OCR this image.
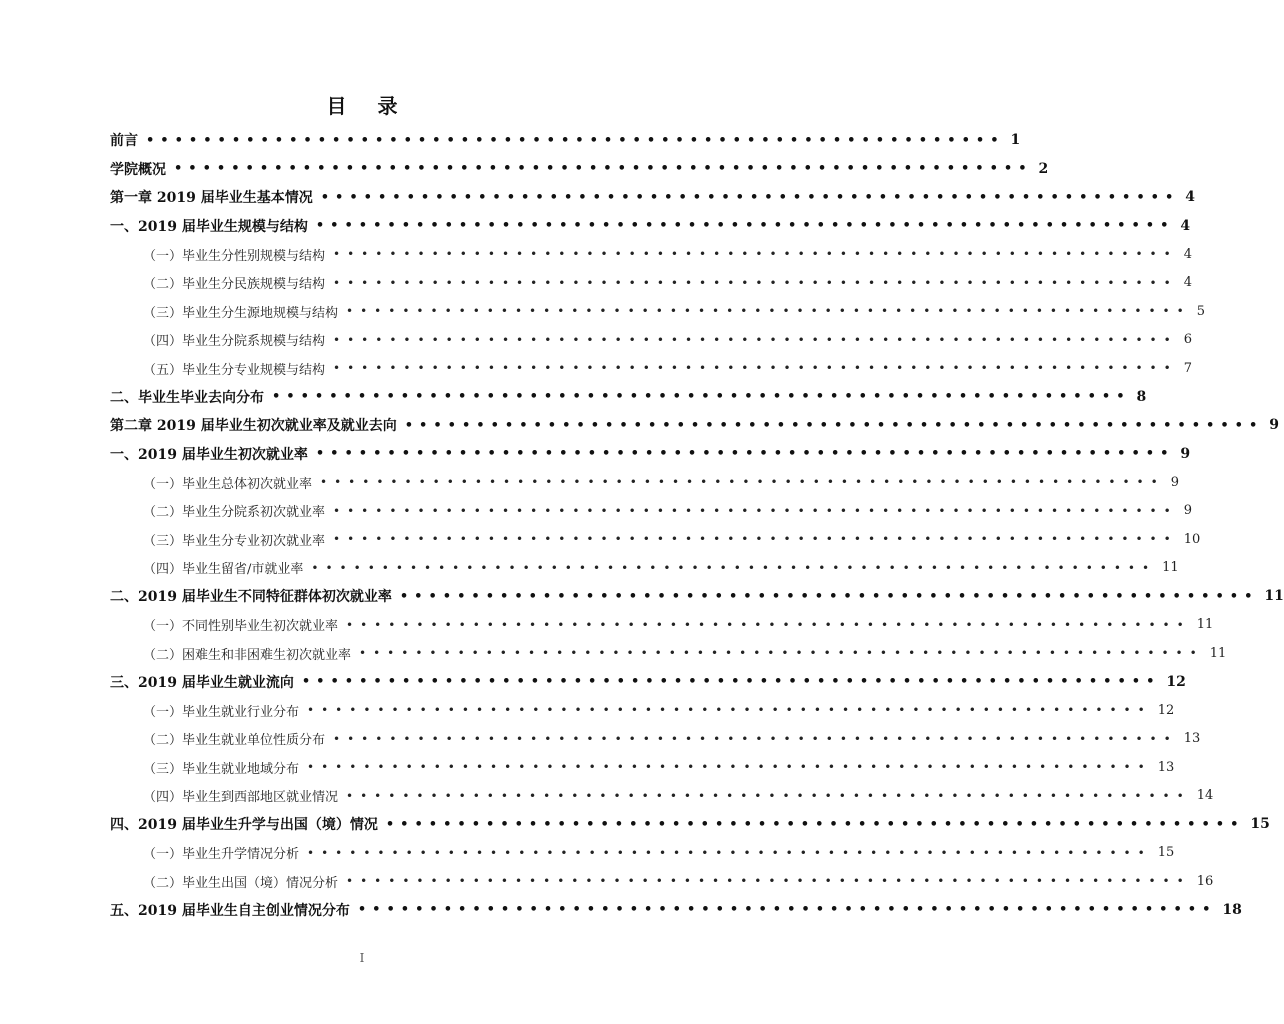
目 录
前言 •••••••••••••••••••••••••••••••••••••••••••••••••••••••••••• 1
学院概况 •••••••••••••••••••••••••••••••••••••••••••••••••••••••••••• 2
第一章 2019 届毕业生基本情况 •••••••••••••••••••••••••••••••••••••••••••••••••••••••••••• 4
一、2019 届毕业生规模与结构 •••••••••••••••••••••••••••••••••••••••••••••••••••••••••••• 4
（一）毕业生分性别规模与结构 •••••••••••••••••••••••••••••••••••••••••••••••••••••••••••• 4
（二）毕业生分民族规模与结构 •••••••••••••••••••••••••••••••••••••••••••••••••••••••••••• 4
（三）毕业生分生源地规模与结构 •••••••••••••••••••••••••••••••••••••••••••••••••••••••••••• 5
（四）毕业生分院系规模与结构 •••••••••••••••••••••••••••••••••••••••••••••••••••••••••••• 6
（五）毕业生分专业规模与结构 •••••••••••••••••••••••••••••••••••••••••••••••••••••••••••• 7
二、毕业生毕业去向分布 •••••••••••••••••••••••••••••••••••••••••••••••••••••••••••• 8
第二章 2019 届毕业生初次就业率及就业去向 •••••••••••••••••••••••••••••••••••••••••••••••••••••••••••• 9
一、2019 届毕业生初次就业率 •••••••••••••••••••••••••••••••••••••••••••••••••••••••••••• 9
（一）毕业生总体初次就业率 •••••••••••••••••••••••••••••••••••••••••••••••••••••••••••• 9
（二）毕业生分院系初次就业率 •••••••••••••••••••••••••••••••••••••••••••••••••••••••••••• 9
（三）毕业生分专业初次就业率 •••••••••••••••••••••••••••••••••••••••••••••••••••••••••••• 10
（四）毕业生留省/市就业率 •••••••••••••••••••••••••••••••••••••••••••••••••••••••••••• 11
二、2019 届毕业生不同特征群体初次就业率 •••••••••••••••••••••••••••••••••••••••••••••••••••••••••••• 11
（一）不同性别毕业生初次就业率 •••••••••••••••••••••••••••••••••••••••••••••••••••••••••••• 11
（二）困难生和非困难生初次就业率 •••••••••••••••••••••••••••••••••••••••••••••••••••••••••••• 11
三、2019 届毕业生就业流向 •••••••••••••••••••••••••••••••••••••••••••••••••••••••••••• 12
（一）毕业生就业行业分布 •••••••••••••••••••••••••••••••••••••••••••••••••••••••••••• 12
（二）毕业生就业单位性质分布 •••••••••••••••••••••••••••••••••••••••••••••••••••••••••••• 13
（三）毕业生就业地域分布 •••••••••••••••••••••••••••••••••••••••••••••••••••••••••••• 13
（四）毕业生到西部地区就业情况 •••••••••••••••••••••••••••••••••••••••••••••••••••••••••••• 14
四、2019 届毕业生升学与出国（境）情况 •••••••••••••••••••••••••••••••••••••••••••••••••••••••••••• 15
（一）毕业生升学情况分析 •••••••••••••••••••••••••••••••••••••••••••••••••••••••••••• 15
（二）毕业生出国（境）情况分析 •••••••••••••••••••••••••••••••••••••••••••••••••••••••••••• 16
五、2019 届毕业生自主创业情况分布 •••••••••••••••••••••••••••••••••••••••••••••••••••••••••••• 18
I
